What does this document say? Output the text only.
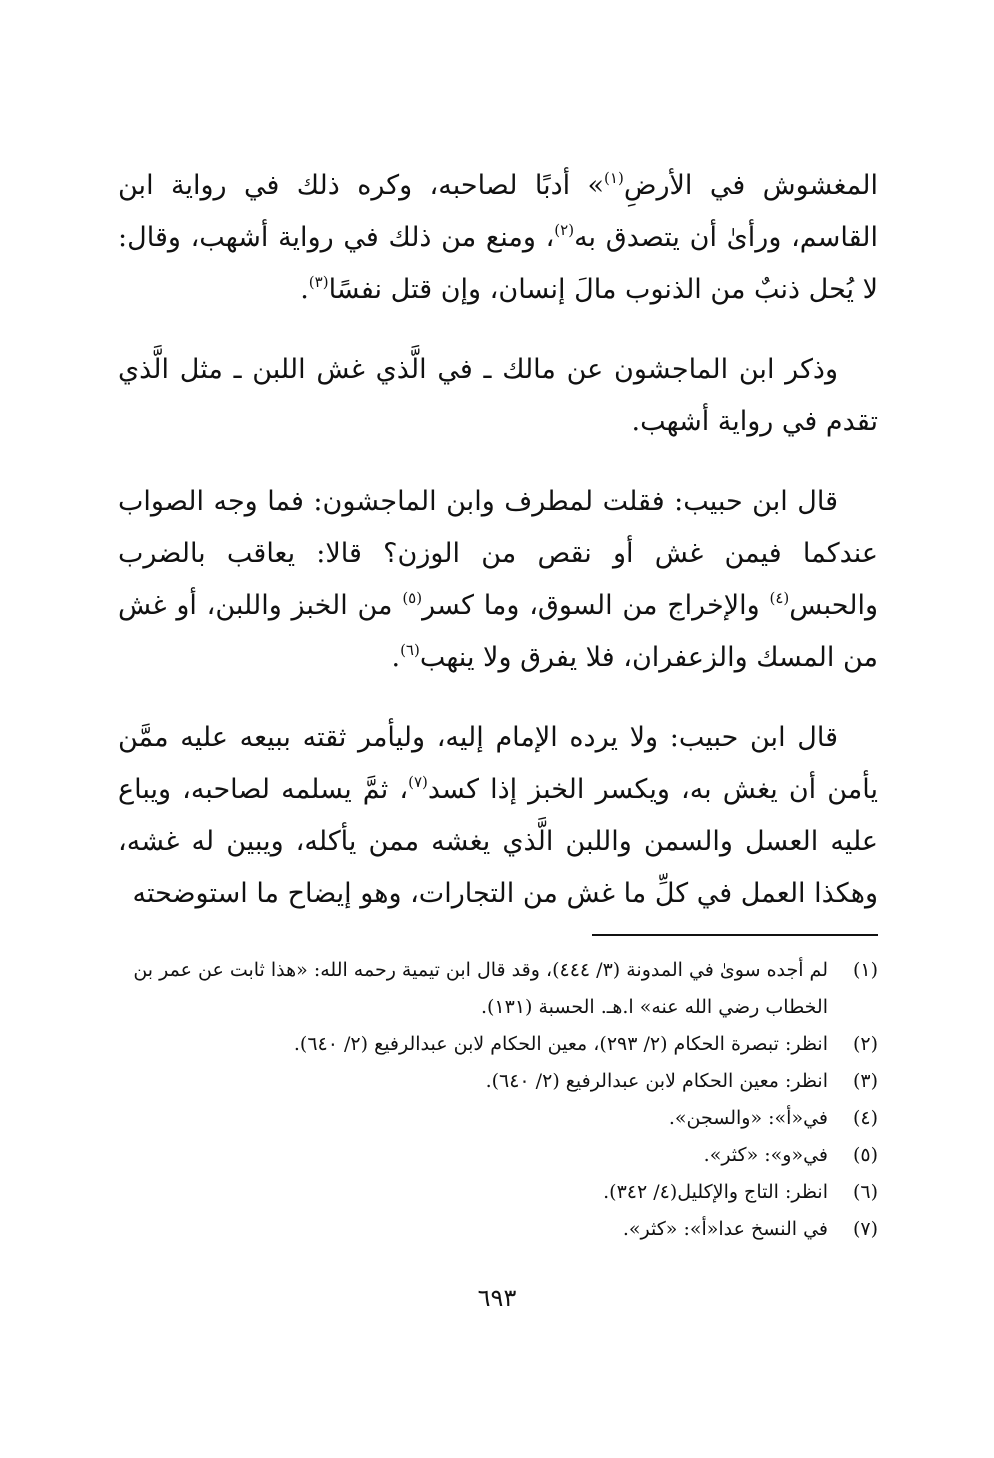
المغشوش في الأرضِ$^{(١)}$» أدبًا لصاحبه، وكره ذلك في رواية ابن القاسم، ورأىٰ أن يتصدق به$^{(٢)}$، ومنع من ذلك في رواية أشهب، وقال: لا يُحل ذنبٌ من الذنوب مالَ إنسان، وإن قتل نفسًا$^{(٣)}$.

وذكر ابن الماجشون عن مالك ـ في الَّذي غش اللبن ـ مثل الَّذي تقدم في رواية أشهب.

قال ابن حبيب: فقلت لمطرف وابن الماجشون: فما وجه الصواب عندكما فيمن غش أو نقص من الوزن؟ قالا: يعاقب بالضرب والحبس$^{(٤)}$ والإخراج من السوق، وما كسر$^{(٥)}$ من الخبز واللبن، أو غش من المسك والزعفران، فلا يفرق ولا ينهب$^{(٦)}$.

قال ابن حبيب: ولا يرده الإمام إليه، وليأمر ثقته ببيعه عليه ممَّن يأمن أن يغش به، ويكسر الخبز إذا كسد$^{(٧)}$، ثمَّ يسلمه لصاحبه، ويباع عليه العسل والسمن واللبن الَّذي يغشه ممن يأكله، ويبين له غشه، وهكذا العمل في كلِّ ما غش من التجارات، وهو إيضاح ما استوضحته

(١)
لم أجده سوىٰ في المدونة (٣/ ٤٤٤)، وقد قال ابن تيمية رحمه الله: «هذا ثابت عن عمر بن الخطاب رضي الله عنه» ا.هـ. الحسبة (١٣١).
(٢)
انظر: تبصرة الحكام (٢/ ٢٩٣)، معين الحكام لابن عبدالرفيع (٢/ ٦٤٠).
(٣)
انظر: معين الحكام لابن عبدالرفيع (٢/ ٦٤٠).
(٤)
في«أ»: «والسجن».
(٥)
في«و»: «كثر».
(٦)
انظر: التاج والإكليل(٤/ ٣٤٢).
(٧)
في النسخ عدا«أ»: «كثر».
٦٩٣
